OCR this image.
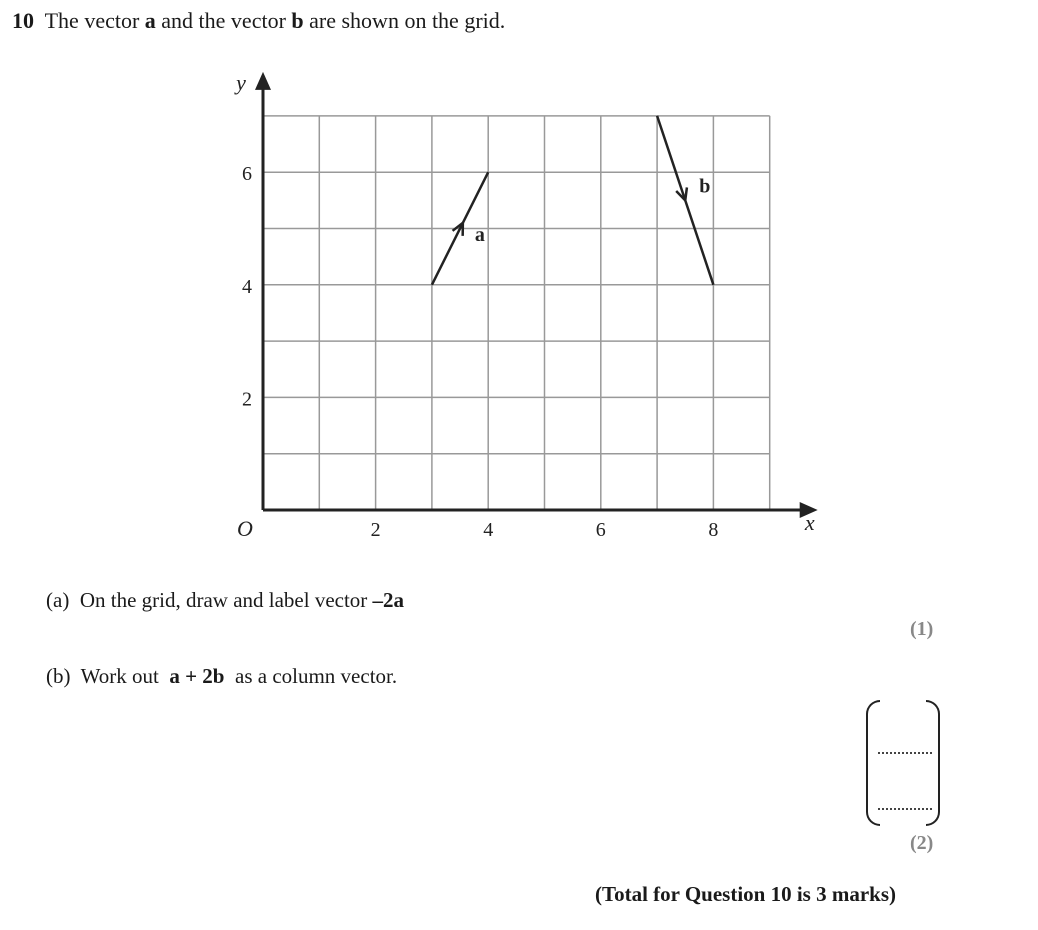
10 The vector a and the vector b are shown on the grid.
x
y
O	2	4	6	8
2
4
6
a
b
(a) On the grid, draw and label vector –2a
(1)
(b) Work out  a + 2b  as a column vector.
(2)
(Total for Question 10 is 3 marks)
